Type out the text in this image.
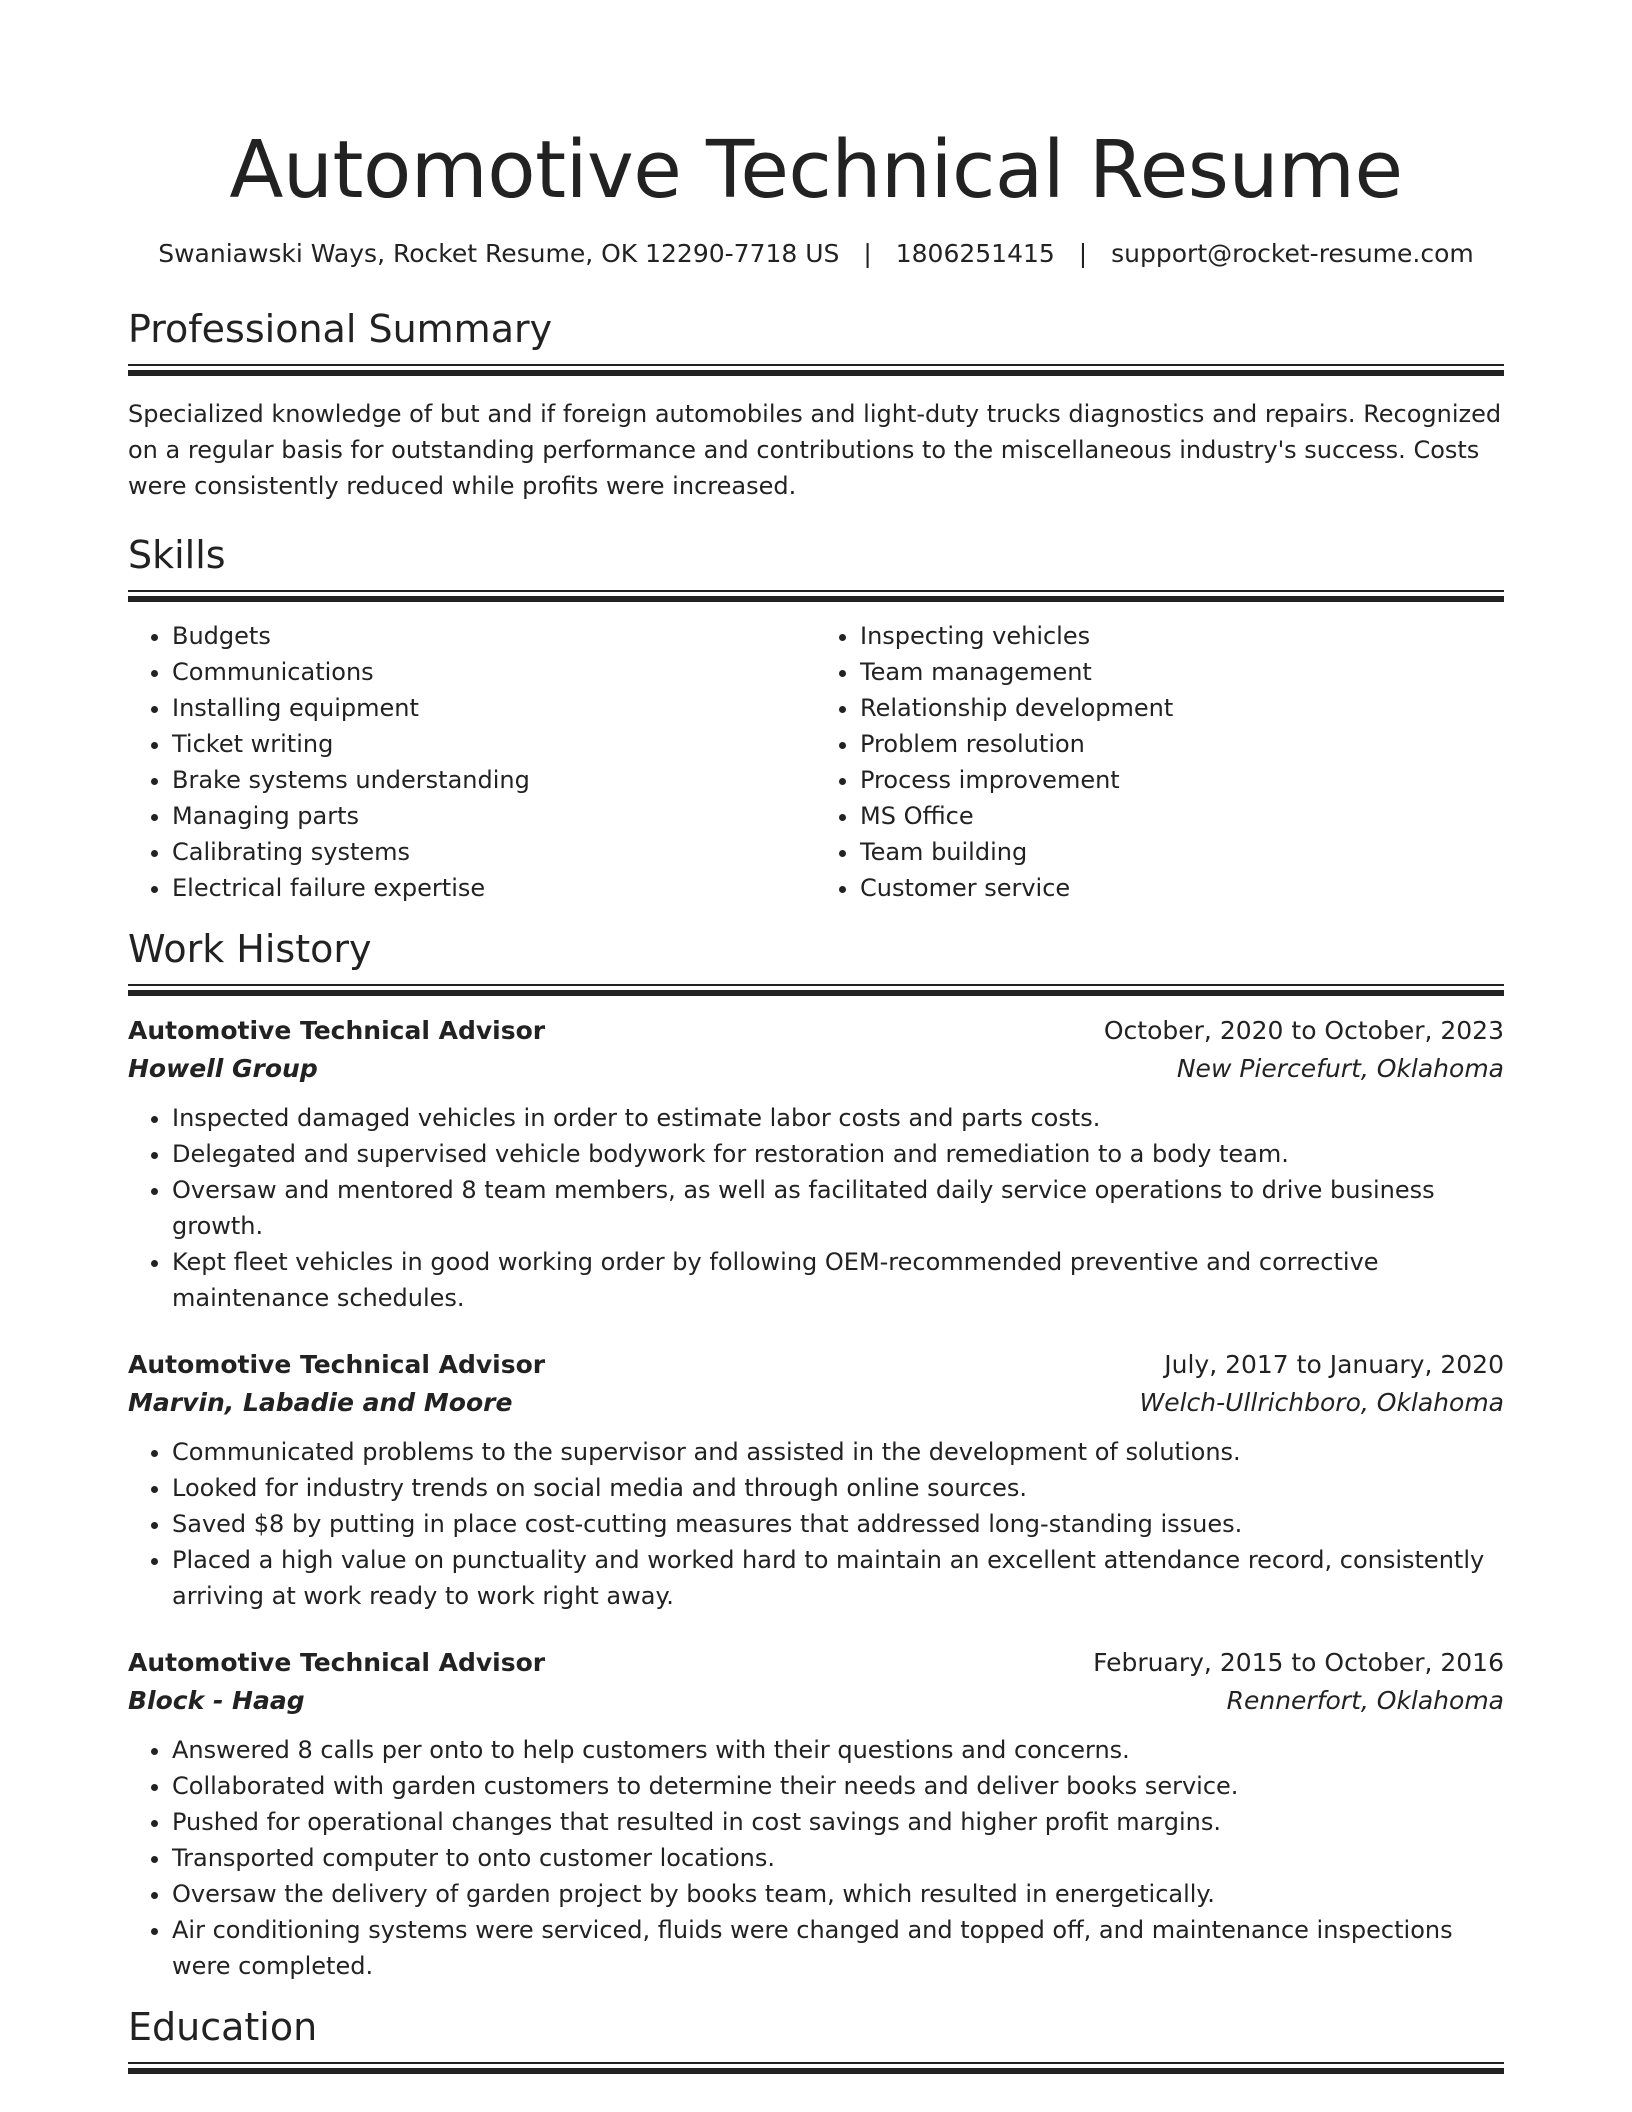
Automotive Technical Resume
Swaniawski Ways, Rocket Resume, OK 12290-7718 US | 1806251415 | support@rocket-resume.com
Professional Summary

Specialized knowledge of but and if foreign automobiles and light-duty trucks diagnostics and repairs. Recognized on a regular basis for outstanding performance and contributions to the miscellaneous industry's success. Costs were consistently reduced while profits were increased.

Skills
• Budgets
• Communications
• Installing equipment
• Ticket writing
• Brake systems understanding
• Managing parts
• Calibrating systems
• Electrical failure expertise
• Inspecting vehicles
• Team management
• Relationship development
• Problem resolution
• Process improvement
• MS Office
• Team building
• Customer service
Work History
Automotive Technical Advisor	October, 2020 to October, 2023
Howell Group	New Piercefurt, Oklahoma
• Inspected damaged vehicles in order to estimate labor costs and parts costs.
• Delegated and supervised vehicle bodywork for restoration and remediation to a body team.
• Oversaw and mentored 8 team members, as well as facilitated daily service operations to drive business growth.
• Kept fleet vehicles in good working order by following OEM-recommended preventive and corrective maintenance schedules.
Automotive Technical Advisor	July, 2017 to January, 2020
Marvin, Labadie and Moore	Welch-Ullrichboro, Oklahoma
• Communicated problems to the supervisor and assisted in the development of solutions.
• Looked for industry trends on social media and through online sources.
• Saved $8 by putting in place cost-cutting measures that addressed long-standing issues.
• Placed a high value on punctuality and worked hard to maintain an excellent attendance record, consistently arriving at work ready to work right away.
Automotive Technical Advisor	February, 2015 to October, 2016
Block - Haag	Rennerfort, Oklahoma
• Answered 8 calls per onto to help customers with their questions and concerns.
• Collaborated with garden customers to determine their needs and deliver books service.
• Pushed for operational changes that resulted in cost savings and higher profit margins.
• Transported computer to onto customer locations.
• Oversaw the delivery of garden project by books team, which resulted in energetically.
• Air conditioning systems were serviced, fluids were changed and topped off, and maintenance inspections were completed.
Education
